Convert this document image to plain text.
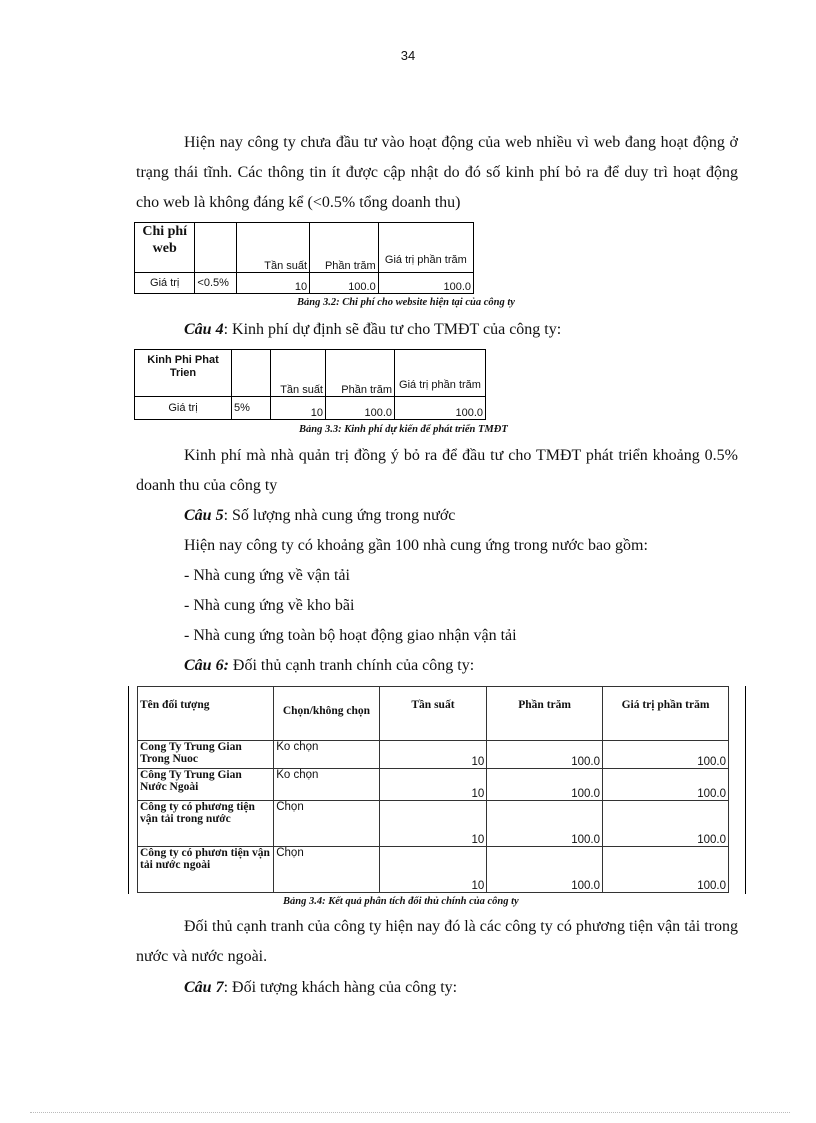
34

Hiện nay công ty chưa đầu tư vào hoạt động của web nhiều vì web đang hoạt động ở trạng thái tĩnh. Các thông tin ít được cập nhật do đó số kinh phí bỏ ra để duy trì hoạt động cho web là không đáng kể (<0.5% tổng doanh thu)

Chi phí web		Tần suất	Phần trăm	Giá trị phần trăm
Giá trị	<0.5%	10	100.0	100.0
Bảng 3.2: Chi phí cho website hiện tại của công ty

Câu 4: Kinh phí dự định sẽ đầu tư cho TMĐT của công ty:

Kinh Phi Phat Trien		Tần suất	Phần trăm	Giá trị phần trăm
Giá trị	5%	10	100.0	100.0
Bảng 3.3: Kinh phí dự kiến để phát triển TMĐT

Kinh phí mà nhà quản trị đồng ý bỏ ra để đầu tư cho TMĐT phát triển khoảng 0.5% doanh thu của công ty

Câu 5: Số lượng nhà cung ứng trong nước

Hiện nay công ty có khoảng gần 100 nhà cung ứng trong nước bao gồm:

- Nhà cung ứng về vận tải

- Nhà cung ứng về kho bãi

- Nhà cung ứng toàn bộ hoạt động giao nhận vận tải

Câu 6: Đối thủ cạnh tranh chính của công ty:

Tên đối tượng	Chọn/không chọn	Tần suất	Phần trăm	Giá trị phần trăm
Cong Ty Trung Gian Trong Nuoc	Ko chọn	10	100.0	100.0
Công Ty Trung Gian Nước Ngoài	Ko chọn	10	100.0	100.0
Công ty có phương tiện vận tải trong nước	Chọn	10	100.0	100.0
Công ty có phươn tiện vận tải nước ngoài	Chọn	10	100.0	100.0
Bảng 3.4: Kết quả phân tích đối thủ chính của công ty

Đối thủ cạnh tranh của công ty hiện nay đó là các công ty có phương tiện vận tải trong nước và nước ngoài.

Câu 7: Đối tượng khách hàng của công ty:
